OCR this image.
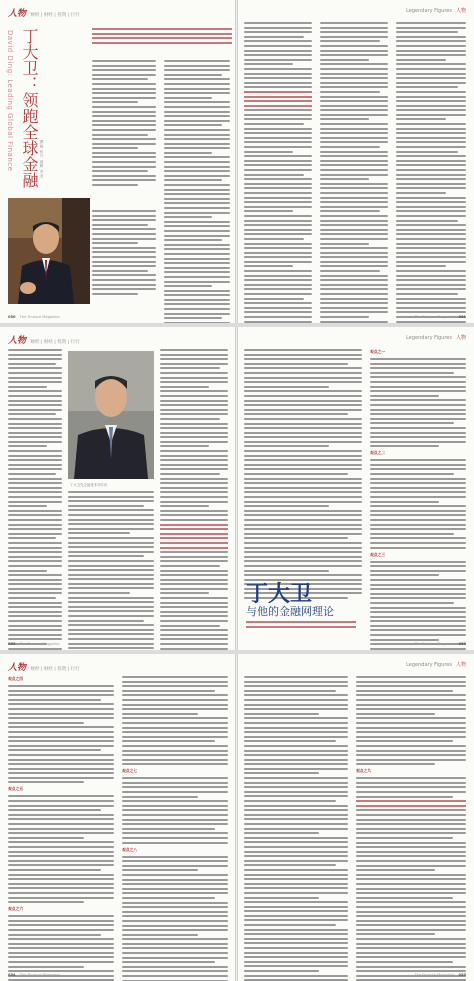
人物 财经 | 财经 | 投资 | 行行
丁大卫：领跑全球金融
David Ding: Leading Global Finance	撰稿 张兴 编辑 李亚
050 The Finance Magazine
Legendary Figures 人物
The Finance Magazine 051
人物 财经 | 财经 | 投资 | 行行
丁大卫先生接受本刊专访
052 The Finance Magazine
Legendary Figures 人物
丁大卫
与他的金融网理论
观点之一
观点之二
观点之三
The Finance Magazine 053
人物 财经 | 财经 | 投资 | 行行
观点之四
观点之五
观点之六
观点之七
观点之八
054 The Finance Magazine
Legendary Figures 人物
观点之九
The Finance Magazine 055
